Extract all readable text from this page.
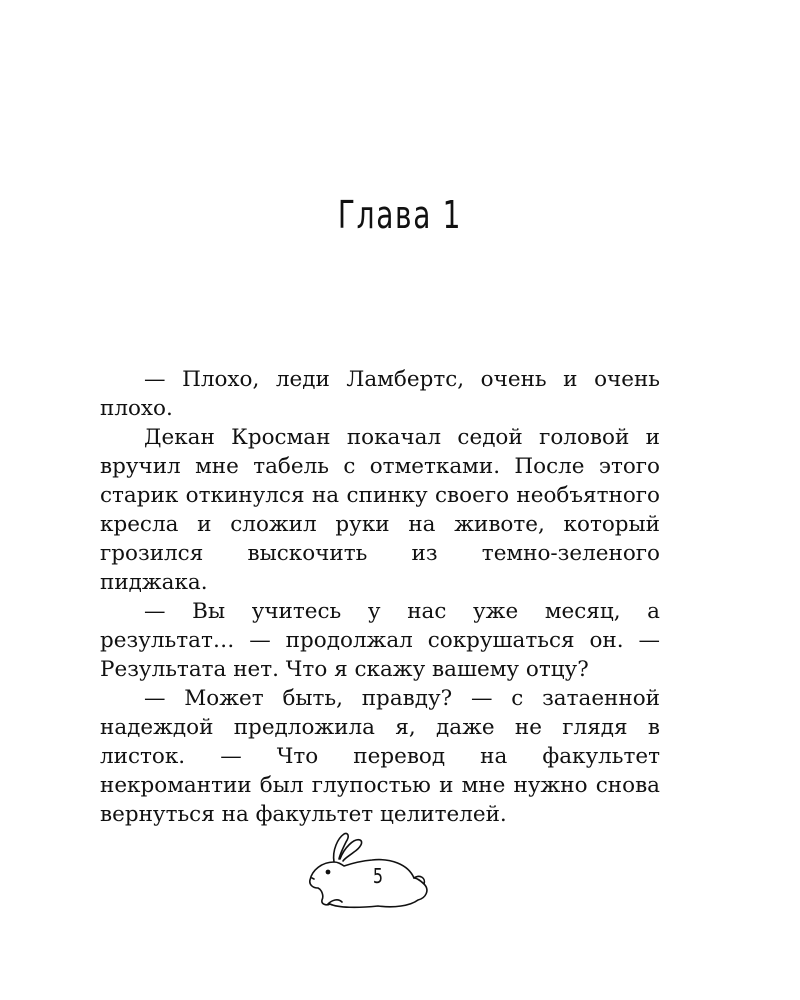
Глава 1

— Плохо, леди Ламбертс, очень и очень плохо.

Декан Кросман покачал седой головой и вручил мне табель с отметками. После этого старик откинулся на спинку своего необъятного кресла и сложил руки на животе, который грозился выскочить из темно-зеленого пиджака.

— Вы учитесь у нас уже месяц, а результат… — продолжал сокрушаться он. — Результата нет. Что я скажу вашему отцу?

— Может быть, правду? — с затаенной надеждой предложила я, даже не глядя в листок. — Что перевод на факультет некромантии был глупостью и мне нужно снова вернуться на факультет целителей.

5
